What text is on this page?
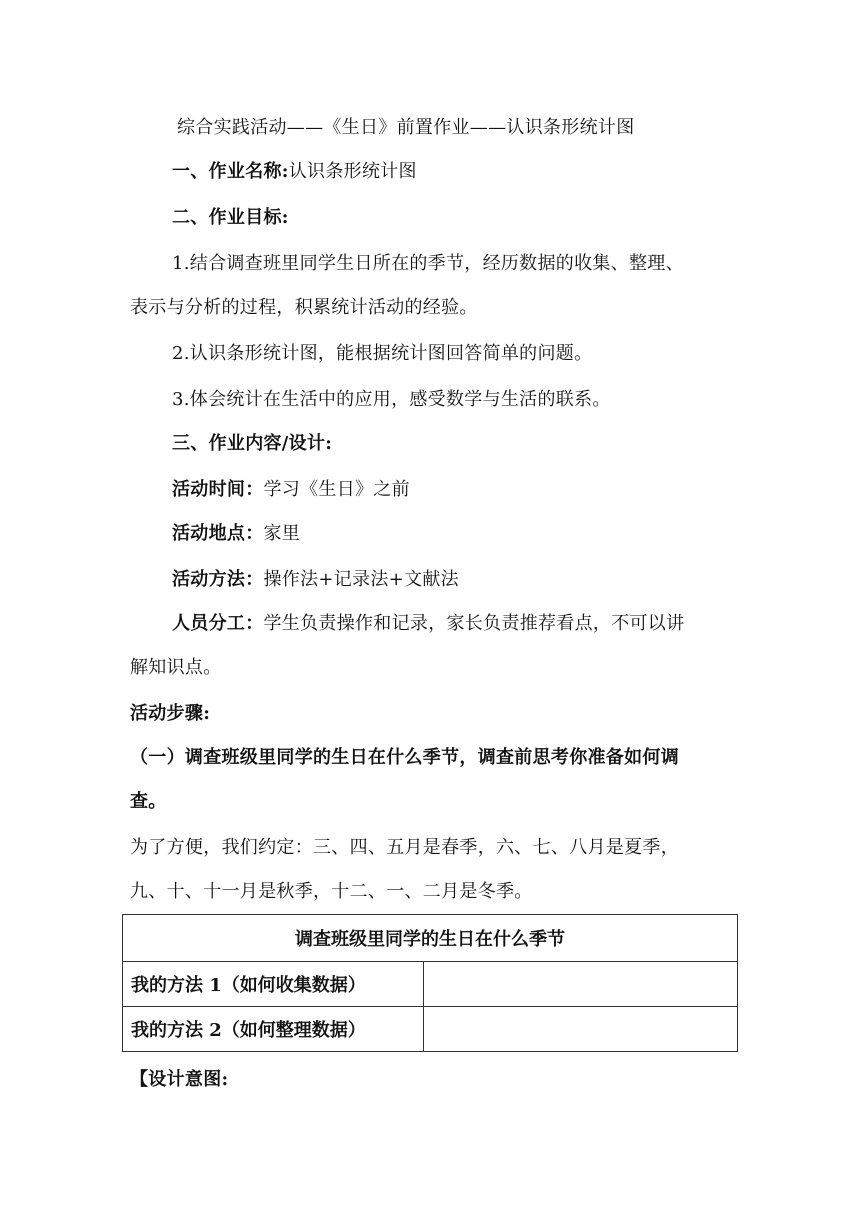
综合实践活动——《生日》前置作业——认识条形统计图
一、作业名称:认识条形统计图
二、作业目标:
1.结合调查班里同学生日所在的季节，经历数据的收集、整理、
表示与分析的过程，积累统计活动的经验。
2.认识条形统计图，能根据统计图回答简单的问题。
3.体会统计在生活中的应用，感受数学与生活的联系。
三、作业内容/设计:
活动时间：学习《生日》之前
活动地点：家里
活动方法：操作法+记录法+文献法
人员分工：学生负责操作和记录，家长负责推荐看点，不可以讲
解知识点。
活动步骤:
（一）调查班级里同学的生日在什么季节，调查前思考你准备如何调
查。
为了方便，我们约定：三、四、五月是春季，六、七、八月是夏季，
九、十、十一月是秋季，十二、一、二月是冬季。
调查班级里同学的生日在什么季节	
我的方法 1（如何收集数据）	
我的方法 2（如何整理数据）	
【设计意图:
